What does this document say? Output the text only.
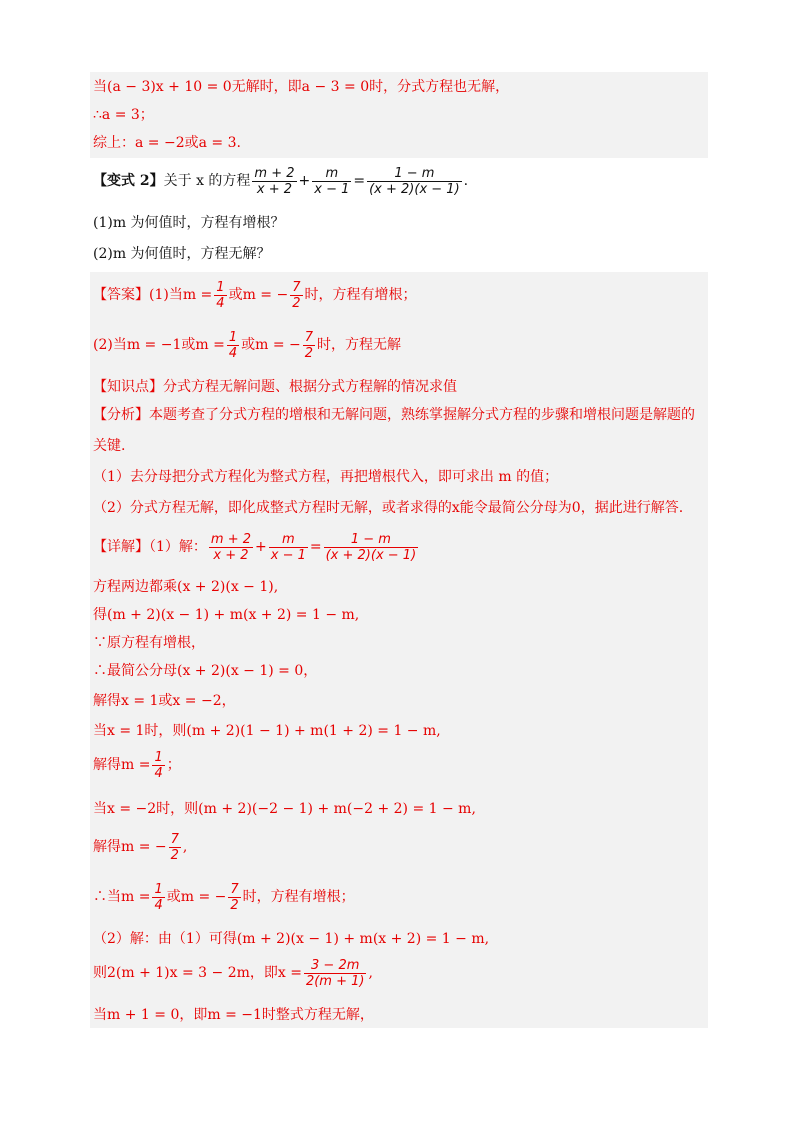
当(a − 3)x + 10 = 0无解时，即a − 3 = 0时，分式方程也无解，
∴a = 3；
综上：a = −2或a = 3.
【变式 2】关于 x 的方程 $\frac{m + 2}{x + 2} + \frac{m}{x - 1} = \frac{1 - m}{(x + 2)(x - 1)}$ .
(1)m 为何值时，方程有增根？
(2)m 为何值时，方程无解？
【答案】(1)当$m = \frac{1}{4}$ 或m = − $\frac{7}{2}$ 时，方程有增根；
(2)当m = −1或$m = \frac{1}{4}$ 或m = − $\frac{7}{2}$ 时，方程无解
【知识点】分式方程无解问题、根据分式方程解的情况求值
【分析】本题考查了分式方程的增根和无解问题，熟练掌握解分式方程的步骤和增根问题是解题的
关键.
（1）去分母把分式方程化为整式方程，再把增根代入，即可求出 m 的值；
（2）分式方程无解，即化成整式方程时无解，或者求得的x能令最简公分母为0，据此进行解答.
【详解】（1）解： $\frac{m + 2}{x + 2} + \frac{m}{x - 1} = \frac{1 - m}{(x + 2)(x - 1)}$
方程两边都乘(x + 2)(x − 1),
得(m + 2)(x − 1) + m(x + 2) = 1 − m,
∵原方程有增根，
∴最简公分母(x + 2)(x − 1) = 0，
解得x = 1或x = −2，
当x = 1时，则(m + 2)(1 − 1) + m(1 + 2) = 1 − m,
解得$m = \frac{1}{4}$ ；
当x = −2时，则(m + 2)(−2 − 1) + m(−2 + 2) = 1 − m,
解得m = − $\frac{7}{2}$ ,
∴当$m = \frac{1}{4}$ 或m = − $\frac{7}{2}$ 时，方程有增根；
（2）解：由（1）可得(m + 2)(x − 1) + m(x + 2) = 1 − m,
则2(m + 1)x = 3 − 2m，即$x = \frac{3 - 2m}{2(m + 1)}$ ,
当m + 1 = 0，即m = −1时整式方程无解，
